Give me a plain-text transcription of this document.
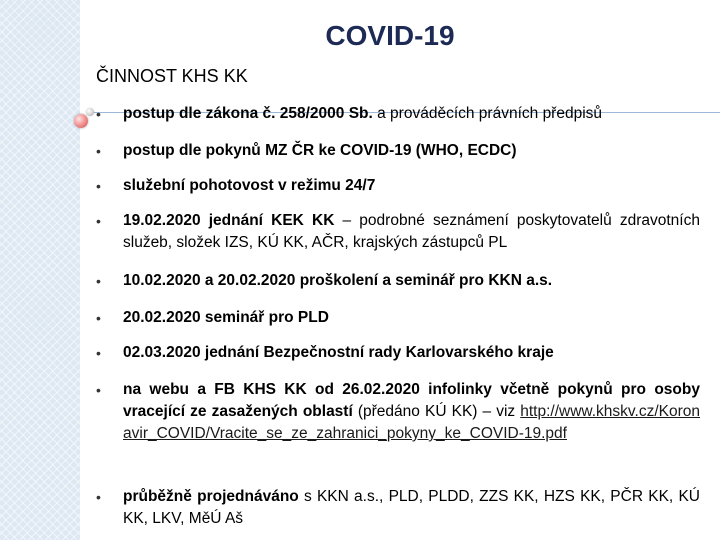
COVID-19
ČINNOST KHS KK
• postup dle zákona č. 258/2000 Sb. a prováděcích právních předpisů
• postup dle pokynů MZ ČR ke COVID-19 (WHO, ECDC)
• služební pohotovost v režimu 24/7
• 19.02.2020 jednání KEK KK – podrobné seznámení poskytovatelů zdravotních služeb, složek IZS, KÚ KK, AČR, krajských zástupců PL
• 10.02.2020 a 20.02.2020 proškolení a seminář pro KKN a.s.
• 20.02.2020 seminář pro PLD
• 02.03.2020 jednání Bezpečnostní rady Karlovarského kraje
• na webu a FB KHS KK od 26.02.2020 infolinky včetně pokynů pro osoby vracející ze zasažených oblastí (předáno KÚ KK) – viz http://www.khskv.cz/Koronavir_COVID/Vracite_se_ze_zahranici_pokyny_ke_COVID-19.pdf
• průběžně projednáváno s KKN a.s., PLD, PLDD, ZZS KK, HZS KK, PČR KK, KÚ KK, LKV, MěÚ Aš
